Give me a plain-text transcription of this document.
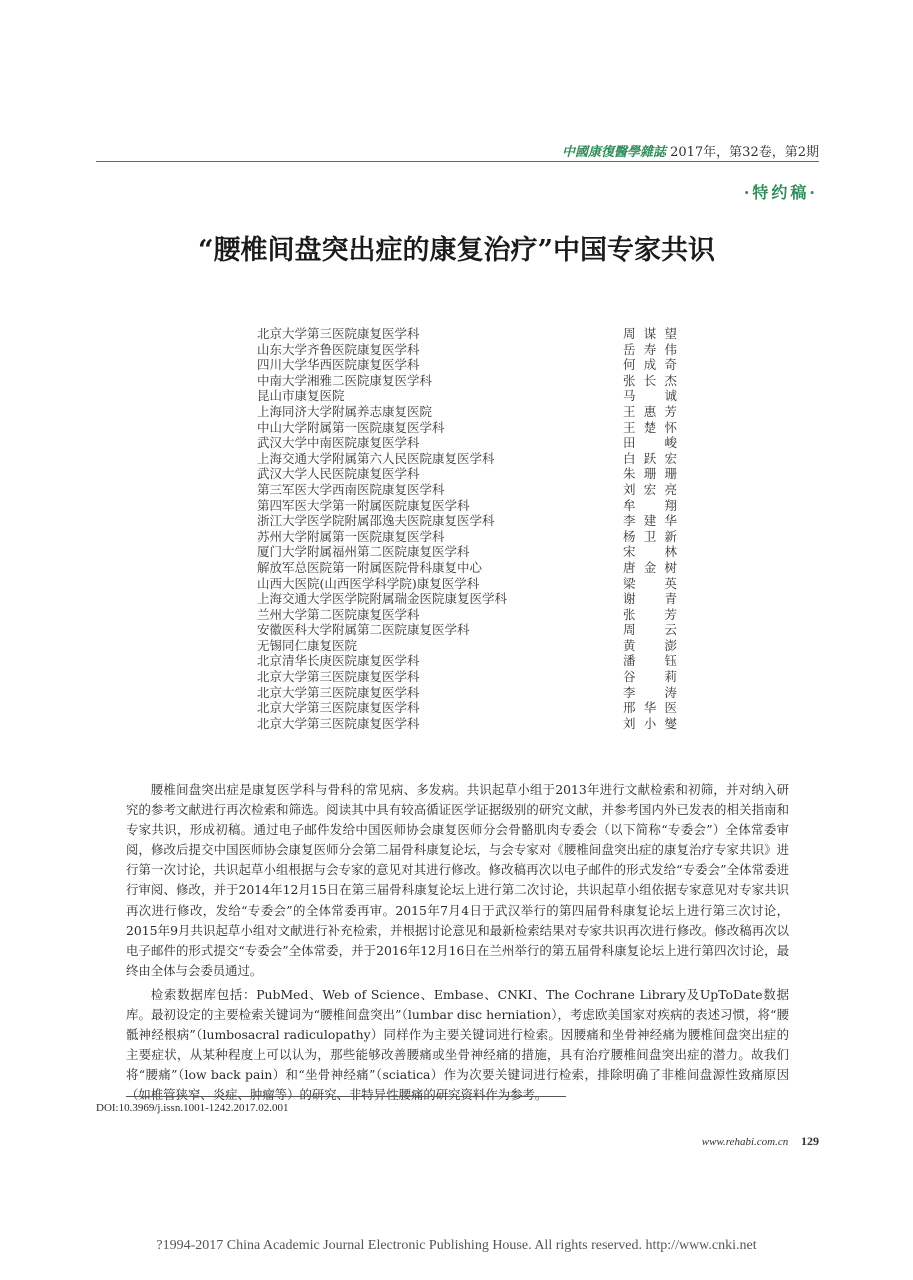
中國康復醫學雜誌 2017年，第32卷，第2期
·特约稿·
“腰椎间盘突出症的康复治疗”中国专家共识
北京大学第三医院康复医学科	周谋望
山东大学齐鲁医院康复医学科	岳寿伟
四川大学华西医院康复医学科	何成奇
中南大学湘雅二医院康复医学科	张长杰
昆山市康复医院	马诚
上海同济大学附属养志康复医院	王惠芳
中山大学附属第一医院康复医学科	王楚怀
武汉大学中南医院康复医学科	田峻
上海交通大学附属第六人民医院康复医学科	白跃宏
武汉大学人民医院康复医学科	朱珊珊
第三军医大学西南医院康复医学科	刘宏亮
第四军医大学第一附属医院康复医学科	牟翔
浙江大学医学院附属邵逸夫医院康复医学科	李建华
苏州大学附属第一医院康复医学科	杨卫新
厦门大学附属福州第二医院康复医学科	宋林
解放军总医院第一附属医院骨科康复中心	唐金树
山西大医院(山西医学科学院)康复医学科	梁英
上海交通大学医学院附属瑞金医院康复医学科	谢青
兰州大学第二医院康复医学科	张芳
安徽医科大学附属第二医院康复医学科	周云
无锡同仁康复医院	黄澎
北京清华长庚医院康复医学科	潘钰
北京大学第三医院康复医学科	谷莉
北京大学第三医院康复医学科	李涛
北京大学第三医院康复医学科	邢华医
北京大学第三医院康复医学科	刘小燮

腰椎间盘突出症是康复医学科与骨科的常见病、多发病。共识起草小组于2013年进行文献检索和初筛，并对纳入研究的参考文献进行再次检索和筛选。阅读其中具有较高循证医学证据级别的研究文献，并参考国内外已发表的相关指南和专家共识，形成初稿。通过电子邮件发给中国医师协会康复医师分会骨骼肌肉专委会（以下简称“专委会”）全体常委审阅，修改后提交中国医师协会康复医师分会第二届骨科康复论坛，与会专家对《腰椎间盘突出症的康复治疗专家共识》进行第一次讨论，共识起草小组根据与会专家的意见对其进行修改。修改稿再次以电子邮件的形式发给“专委会”全体常委进行审阅、修改，并于2014年12月15日在第三届骨科康复论坛上进行第二次讨论，共识起草小组依据专家意见对专家共识再次进行修改，发给“专委会”的全体常委再审。2015年7月4日于武汉举行的第四届骨科康复论坛上进行第三次讨论，2015年9月共识起草小组对文献进行补充检索，并根据讨论意见和最新检索结果对专家共识再次进行修改。修改稿再次以电子邮件的形式提交“专委会”全体常委，并于2016年12月16日在兰州举行的第五届骨科康复论坛上进行第四次讨论，最终由全体与会委员通过。

检索数据库包括：PubMed、Web of Science、Embase、CNKI、The Cochrane Library及UpToDate数据库。最初设定的主要检索关键词为“腰椎间盘突出”（lumbar disc herniation），考虑欧美国家对疾病的表述习惯，将“腰骶神经根病”（lumbosacral radiculopathy）同样作为主要关键词进行检索。因腰痛和坐骨神经痛为腰椎间盘突出症的主要症状，从某种程度上可以认为，那些能够改善腰痛或坐骨神经痛的措施，具有治疗腰椎间盘突出症的潜力。故我们将“腰痛”（low back pain）和“坐骨神经痛”（sciatica）作为次要关键词进行检索，排除明确了非椎间盘源性致痛原因（如椎管狭窄、炎症、肿瘤等）的研究、非特异性腰痛的研究资料作为参考。

DOI:10.3969/j.issn.1001-1242.2017.02.001
www.rehabi.com.cn 129
?1994-2017 China Academic Journal Electronic Publishing House. All rights reserved. http://www.cnki.net
